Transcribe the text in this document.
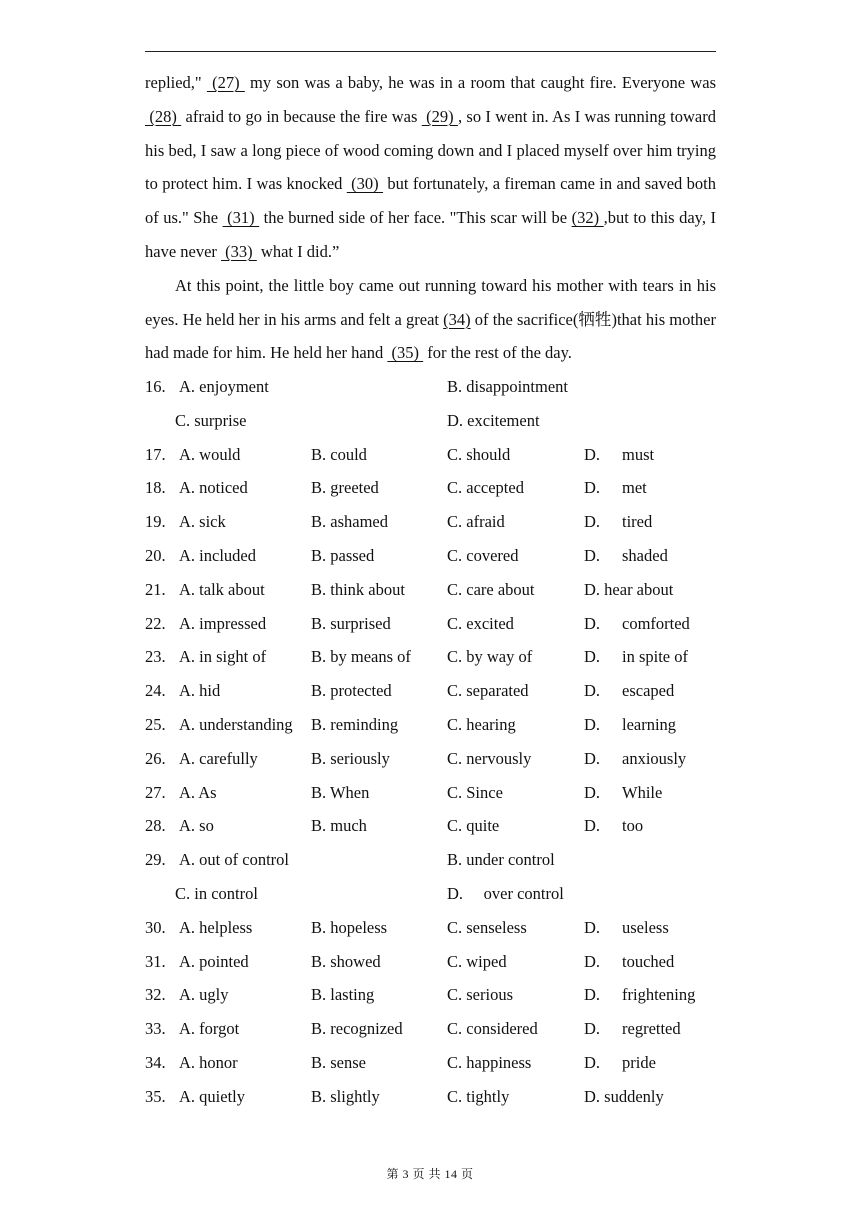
replied,"  (27)  my son was a baby, he was in a room that caught fire. Everyone was  (28)  afraid to go in because the fire was  (29) , so I went in. As I was running toward his bed, I saw a long piece of wood coming down and I placed myself over him trying to protect him. I was knocked  (30)  but fortunately, a fireman came in and saved both of us." She  (31)  the burned side of her face. "This scar will be (32) ,but to this day, I have never  (33)  what I did.”

At this point, the little boy came out running toward his mother with tears in his eyes. He held her in his arms and felt a great (34) of the sacrifice(牺牲)that his mother had made for him. He held her hand  (35)  for the rest of the day.

16. A. enjoyment	B. disappointment
C. surprise	D. excitement
17. A. would	B. could	C. should	D. must
18. A. noticed	B. greeted	C. accepted	D. met
19. A. sick	B. ashamed	C. afraid	D. tired
20. A. included	B. passed	C. covered	D. shaded
21. A. talk about	B. think about	C. care about	D. hear about
22. A. impressed	B. surprised	C. excited	D. comforted
23. A. in sight of	B. by means of C. by way of	D. in spite of
24. A. hid	B. protected	C. separated	D. escaped
25. A. understanding B. reminding	C. hearing	D. learning
26. A. carefully	B. seriously	C. nervously	D. anxiously
27. A. As	B. When	C. Since	D. While
28. A. so	B. much	C. quite	D. too
29. A. out of control	B. under control
C. in control	D.     over control
30. A. helpless	B. hopeless	C. senseless	D. useless
31. A. pointed	B. showed	C. wiped	D. touched
32. A. ugly	B. lasting	C. serious	D. frightening
33. A. forgot	B. recognized	C. considered	D. regretted
34. A. honor	B. sense	C. happiness	D. pride
35. A. quietly	B. slightly	C. tightly	D. suddenly
第 3 页 共 14 页
